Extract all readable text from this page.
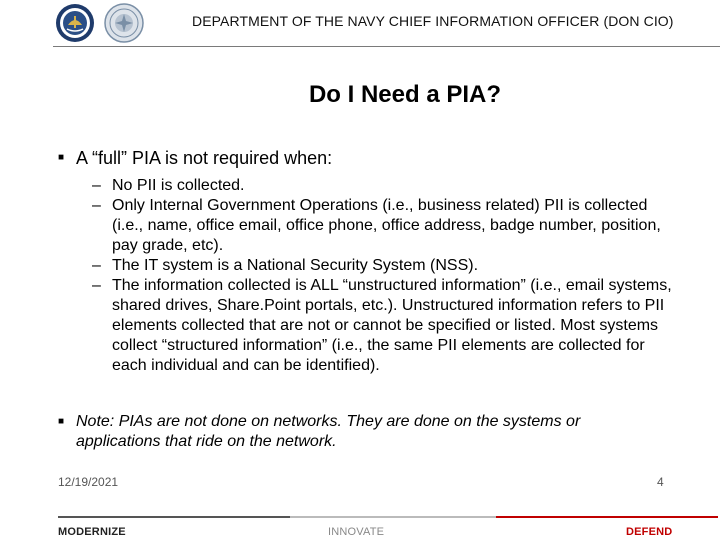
DEPARTMENT OF THE NAVY CHIEF INFORMATION OFFICER (DON CIO)
Do I Need a PIA?
■ A “full” PIA is not required when:
– No PII is collected.
– Only Internal Government Operations (i.e., business related) PII is collected (i.e., name, office email, office phone, office address, badge number, position, pay grade, etc).
– The IT system is a National Security System (NSS).
– The information collected is ALL “unstructured information” (i.e., email systems, shared drives, Share.Point portals, etc.). Unstructured information refers to PII elements collected that are not or cannot be specified or listed. Most systems collect “structured information” (i.e., the same PII elements are collected for each individual and can be identified).
■ Note: PIAs are not done on networks. They are done on the systems or applications that ride on the network.
12/19/2021	4
MODERNIZE	INNOVATE	DEFEND
